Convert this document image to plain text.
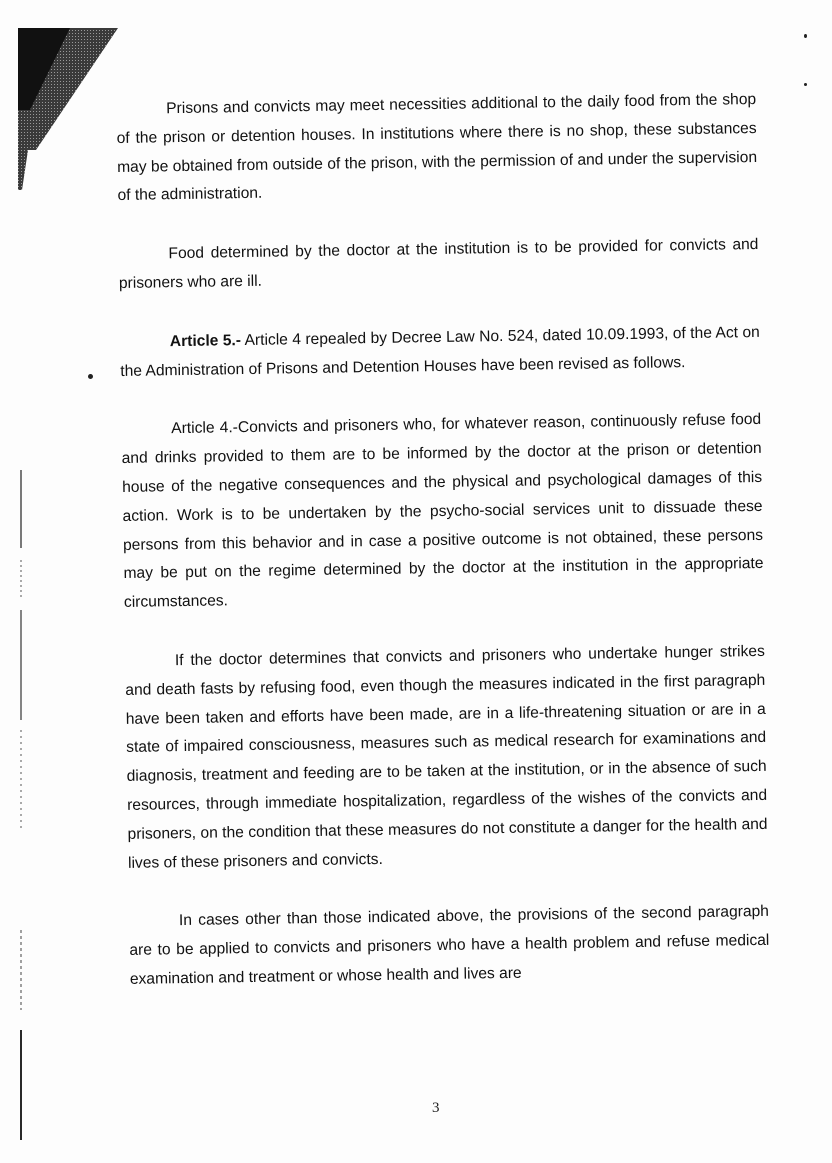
Prisons and convicts may meet necessities additional to the daily food from the shop of the prison or detention houses. In institutions where there is no shop, these substances may be obtained from outside of the prison, with the permission of and under the supervision of the administration.

Food determined by the doctor at the institution is to be provided for convicts and prisoners who are ill.

Article 5.- Article 4 repealed by Decree Law No. 524, dated 10.09.1993, of the Act on the Administration of Prisons and Detention Houses have been revised as follows.

Article 4.-Convicts and prisoners who, for whatever reason, continuously refuse food and drinks provided to them are to be informed by the doctor at the prison or detention house of the negative consequences and the physical and psychological damages of this action. Work is to be undertaken by the psycho-social services unit to dissuade these persons from this behavior and in case a positive outcome is not obtained, these persons may be put on the regime determined by the doctor at the institution in the appropriate circumstances.

If the doctor determines that convicts and prisoners who undertake hunger strikes and death fasts by refusing food, even though the measures indicated in the first paragraph have been taken and efforts have been made, are in a life-threatening situation or are in a state of impaired consciousness, measures such as medical research for examinations and diagnosis, treatment and feeding are to be taken at the institution, or in the absence of such resources, through immediate hospitalization, regardless of the wishes of the convicts and prisoners, on the condition that these measures do not constitute a danger for the health and lives of these prisoners and convicts.

In cases other than those indicated above, the provisions of the second paragraph are to be applied to convicts and prisoners who have a health problem and refuse medical examination and treatment or whose health and lives are

3
